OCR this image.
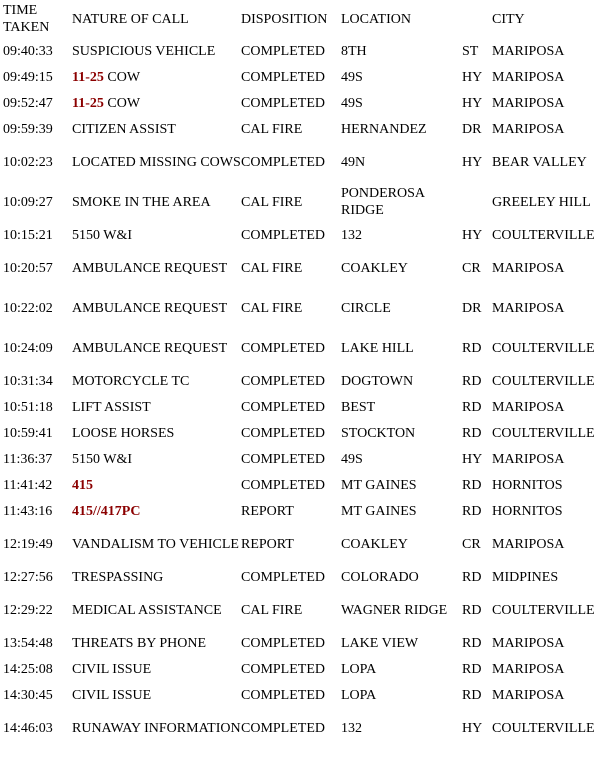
TIME TAKEN	NATURE OF CALL	DISPOSITION	LOCATION		CITY
09:40:33	SUSPICIOUS VEHICLE	COMPLETED	8TH	ST	MARIPOSA
09:49:15	11-25 COW	COMPLETED	49S	HY	MARIPOSA
09:52:47	11-25 COW	COMPLETED	49S	HY	MARIPOSA
09:59:39	CITIZEN ASSIST	CAL FIRE	HERNANDEZ	DR	MARIPOSA
10:02:23	LOCATED MISSING COWS	COMPLETED	49N	HY	BEAR VALLEY
10:09:27	SMOKE IN THE AREA	CAL FIRE	PONDEROSA RIDGE		GREELEY HILL
10:15:21	5150 W&I	COMPLETED	132	HY	COULTERVILLE
10:20:57	AMBULANCE REQUEST	CAL FIRE	COAKLEY	CR	MARIPOSA
10:22:02	AMBULANCE REQUEST	CAL FIRE	CIRCLE	DR	MARIPOSA
10:24:09	AMBULANCE REQUEST	COMPLETED	LAKE HILL	RD	COULTERVILLE
10:31:34	MOTORCYCLE TC	COMPLETED	DOGTOWN	RD	COULTERVILLE
10:51:18	LIFT ASSIST	COMPLETED	BEST	RD	MARIPOSA
10:59:41	LOOSE HORSES	COMPLETED	STOCKTON	RD	COULTERVILLE
11:36:37	5150 W&I	COMPLETED	49S	HY	MARIPOSA
11:41:42	415	COMPLETED	MT GAINES	RD	HORNITOS
11:43:16	415//417PC	REPORT	MT GAINES	RD	HORNITOS
12:19:49	VANDALISM TO VEHICLE	REPORT	COAKLEY	CR	MARIPOSA
12:27:56	TRESPASSING	COMPLETED	COLORADO	RD	MIDPINES
12:29:22	MEDICAL ASSISTANCE	CAL FIRE	WAGNER RIDGE	RD	COULTERVILLE
13:54:48	THREATS BY PHONE	COMPLETED	LAKE VIEW	RD	MARIPOSA
14:25:08	CIVIL ISSUE	COMPLETED	LOPA	RD	MARIPOSA
14:30:45	CIVIL ISSUE	COMPLETED	LOPA	RD	MARIPOSA
14:46:03	RUNAWAY INFORMATION	COMPLETED	132	HY	COULTERVILLE
